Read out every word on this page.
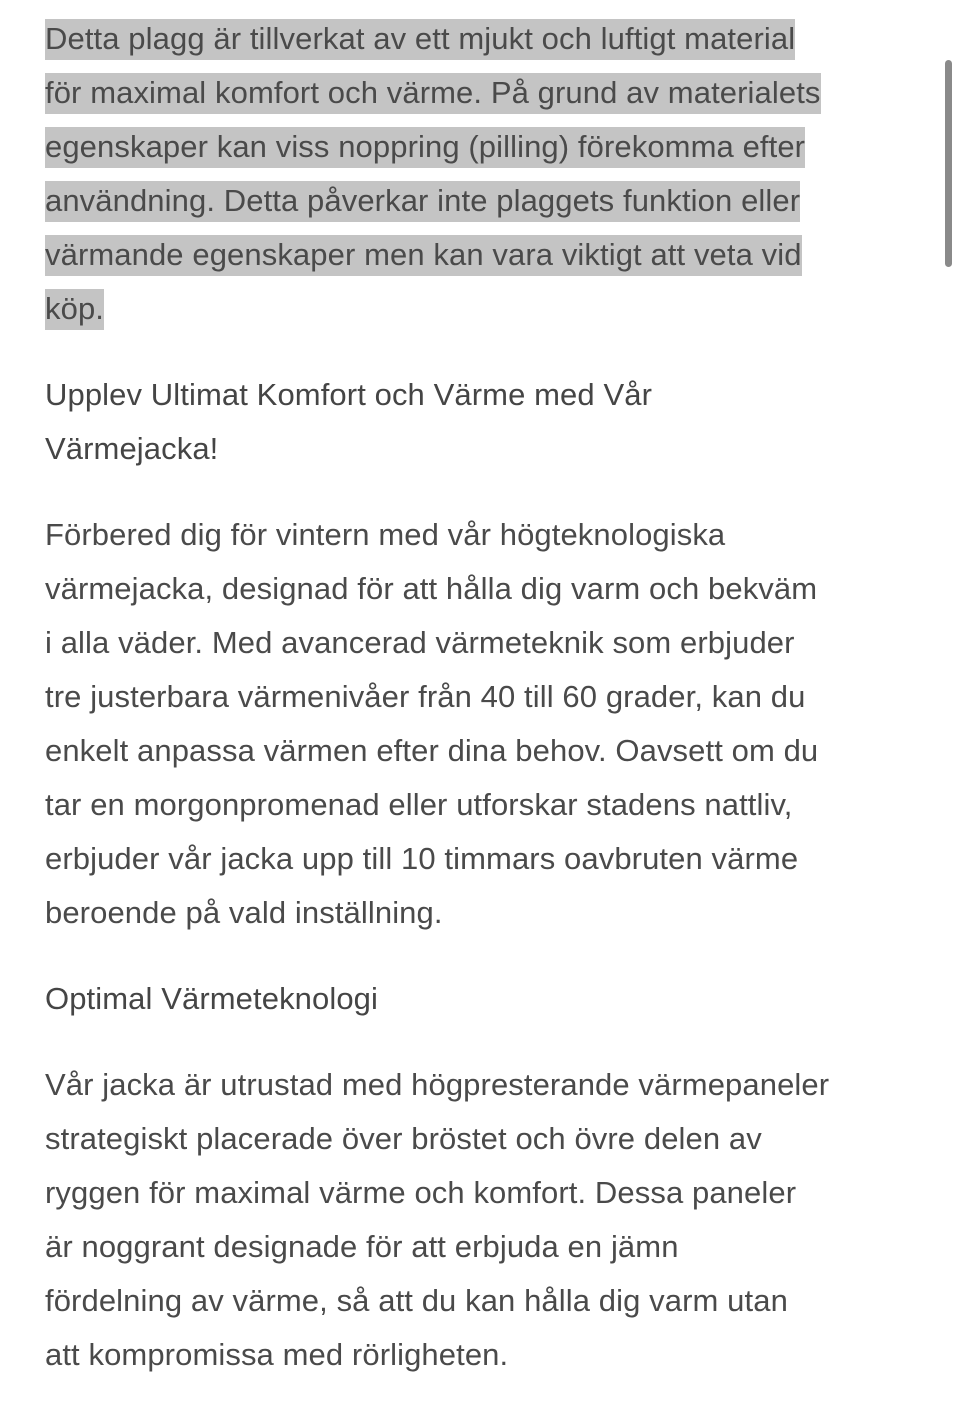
Detta plagg är tillverkat av ett mjukt och luftigt material
för maximal komfort och värme. På grund av materialets
egenskaper kan viss noppring (pilling) förekomma efter
användning. Detta påverkar inte plaggets funktion eller
värmande egenskaper men kan vara viktigt att veta vid
köp.
Upplev Ultimat Komfort och Värme med Vår
Värmejacka!
Förbered dig för vintern med vår högteknologiska
värmejacka, designad för att hålla dig varm och bekväm
i alla väder. Med avancerad värmeteknik som erbjuder
tre justerbara värmenivåer från 40 till 60 grader, kan du
enkelt anpassa värmen efter dina behov. Oavsett om du
tar en morgonpromenad eller utforskar stadens nattliv,
erbjuder vår jacka upp till 10 timmars oavbruten värme
beroende på vald inställning.
Optimal Värmeteknologi
Vår jacka är utrustad med högpresterande värmepaneler
strategiskt placerade över bröstet och övre delen av
ryggen för maximal värme och komfort. Dessa paneler
är noggrant designade för att erbjuda en jämn
fördelning av värme, så att du kan hålla dig varm utan
att kompromissa med rörligheten.
